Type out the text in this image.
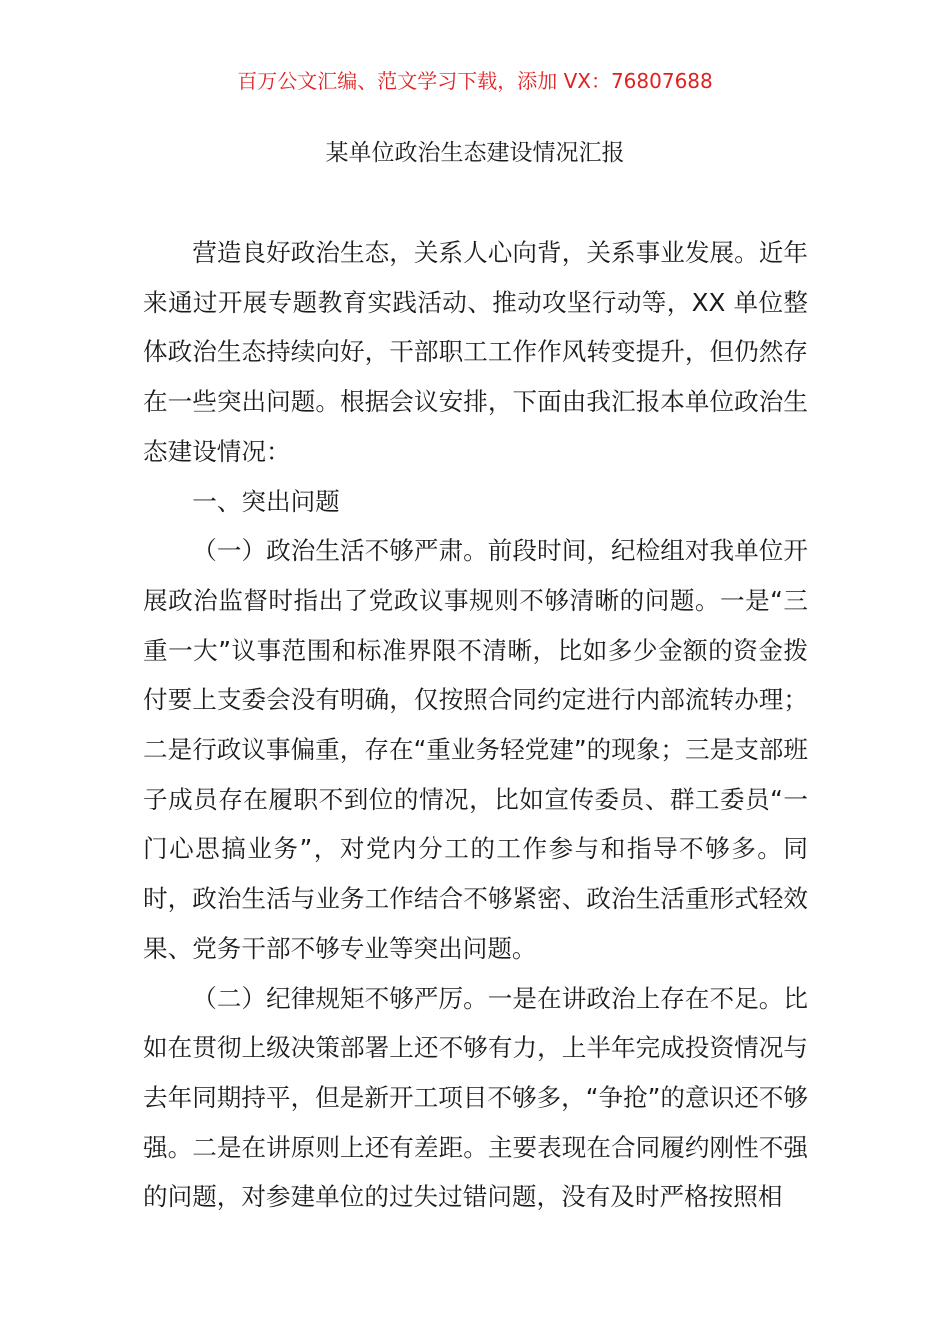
百万公文汇编、范文学习下载，添加 VX：76807688
某单位政治生态建设情况汇报

营造良好政治生态，关系人心向背，关系事业发展。近年来通过开展专题教育实践活动、推动攻坚行动等，XX 单位整体政治生态持续向好，干部职工工作作风转变提升，但仍然存在一些突出问题。根据会议安排，下面由我汇报本单位政治生态建设情况：

一、突出问题

（一）政治生活不够严肃。前段时间，纪检组对我单位开展政治监督时指出了党政议事规则不够清晰的问题。一是“三重一大”议事范围和标准界限不清晰，比如多少金额的资金拨付要上支委会没有明确，仅按照合同约定进行内部流转办理；二是行政议事偏重，存在“重业务轻党建”的现象；三是支部班子成员存在履职不到位的情况，比如宣传委员、群工委员“一门心思搞业务”，对党内分工的工作参与和指导不够多。同时，政治生活与业务工作结合不够紧密、政治生活重形式轻效果、党务干部不够专业等突出问题。

（二）纪律规矩不够严厉。一是在讲政治上存在不足。比如在贯彻上级决策部署上还不够有力，上半年完成投资情况与去年同期持平，但是新开工项目不够多，“争抢”的意识还不够强。二是在讲原则上还有差距。主要表现在合同履约刚性不强的问题，对参建单位的过失过错问题，没有及时严格按照相
